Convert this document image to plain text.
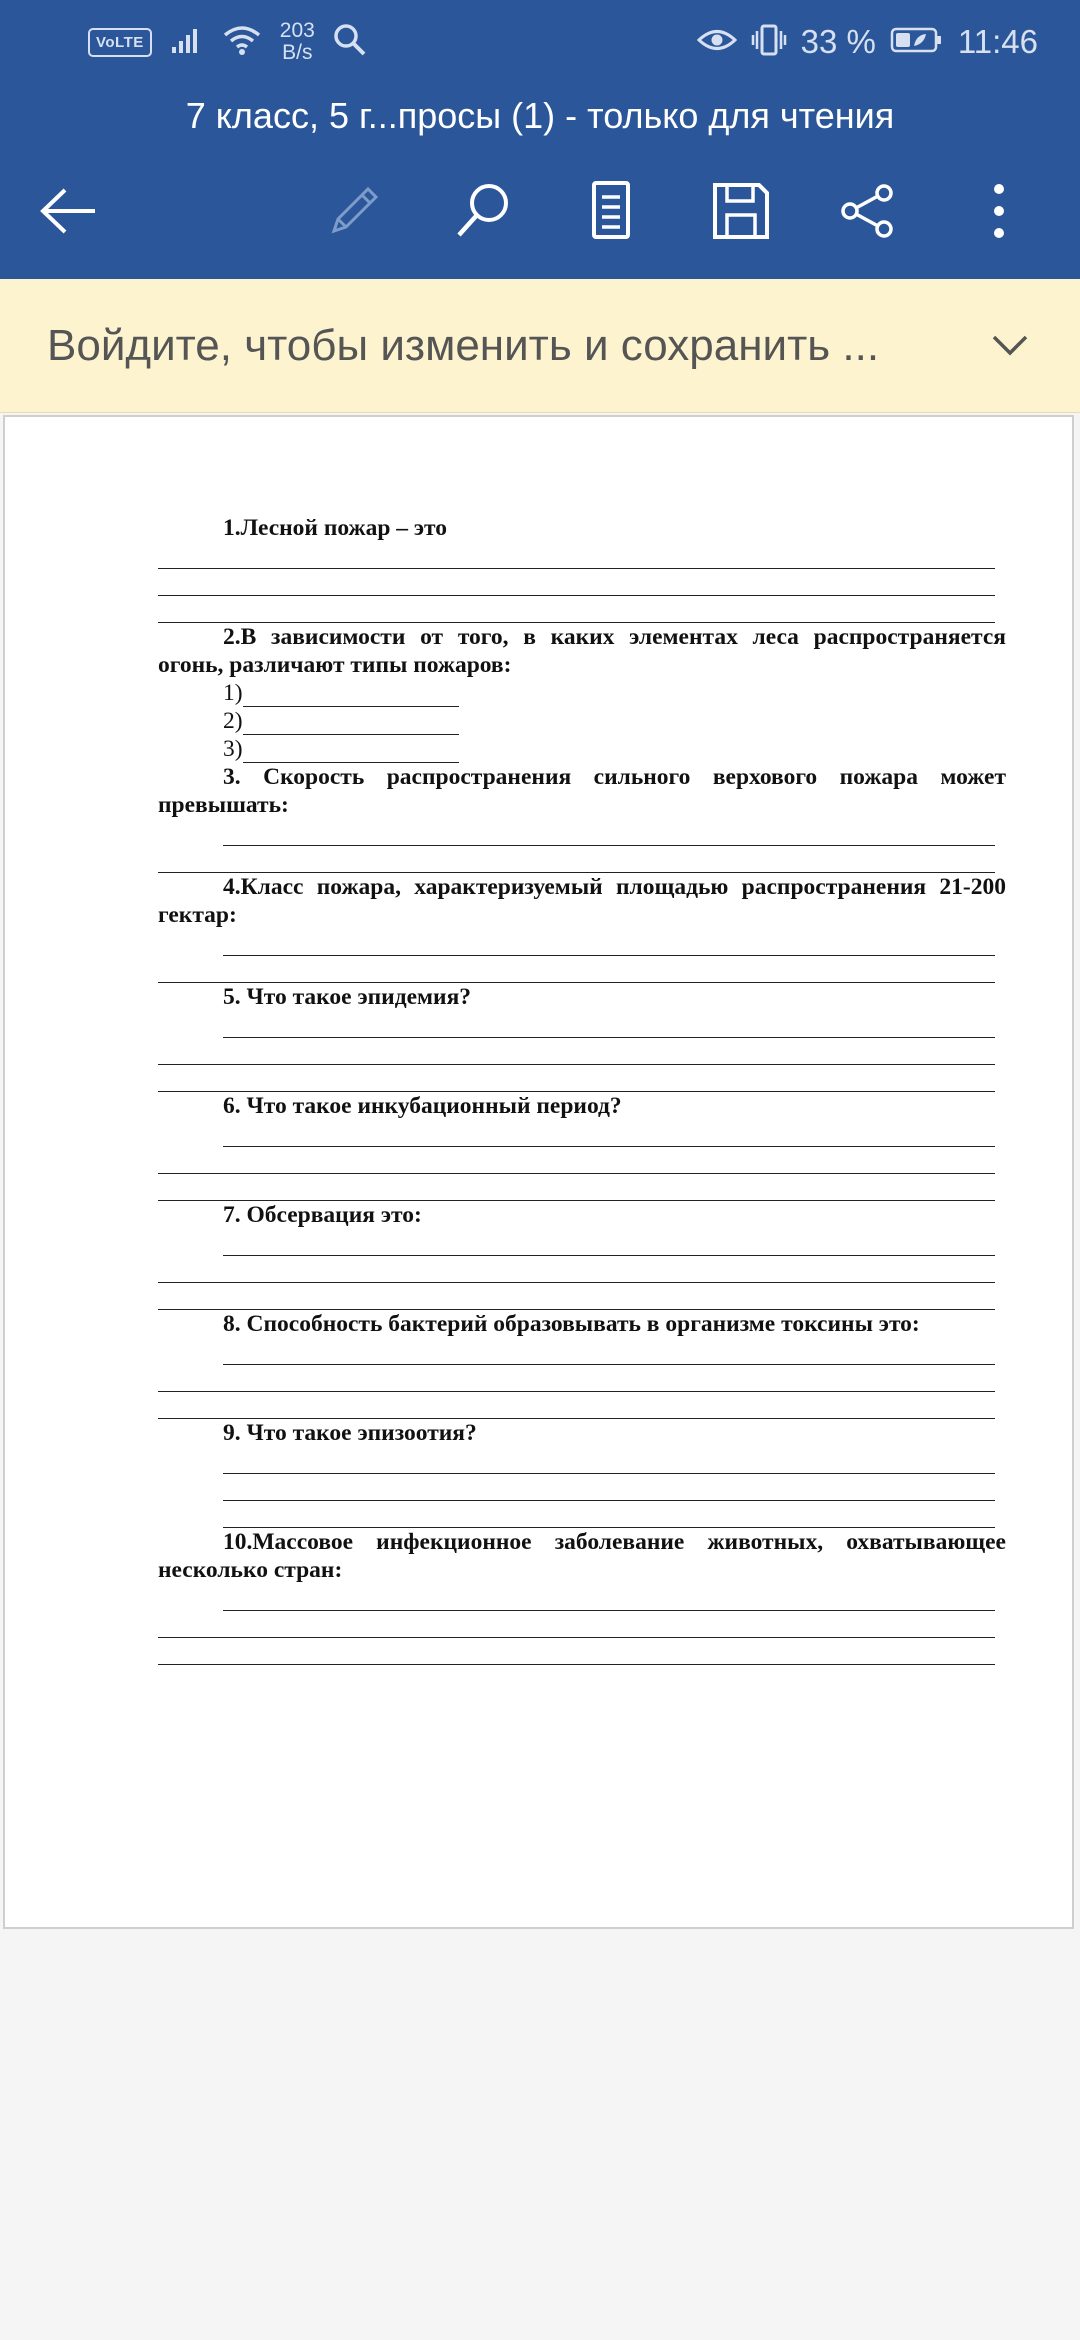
VoLTE	203
B/s	33 % 11:46
7 класс, 5 г...просы (1) - только для чтения
Войдите, чтобы изменить и сохранить ...

1.Лесной пожар – это

2.В зависимости от того, в каких элементах леса распространяется огонь, различают типы пожаров:

1)
2)
3)

3. Скорость распространения сильного верхового пожара может превышать:

4.Класс пожара, характеризуемый площадью распространения 21-200 гектар:

5. Что такое эпидемия?

6. Что такое инкубационный период?

7. Обсервация это:

8. Способность бактерий образовывать в организме токсины это:

9. Что такое эпизоотия?

10.Массовое инфекционное заболевание животных, охватывающее несколько стран:
